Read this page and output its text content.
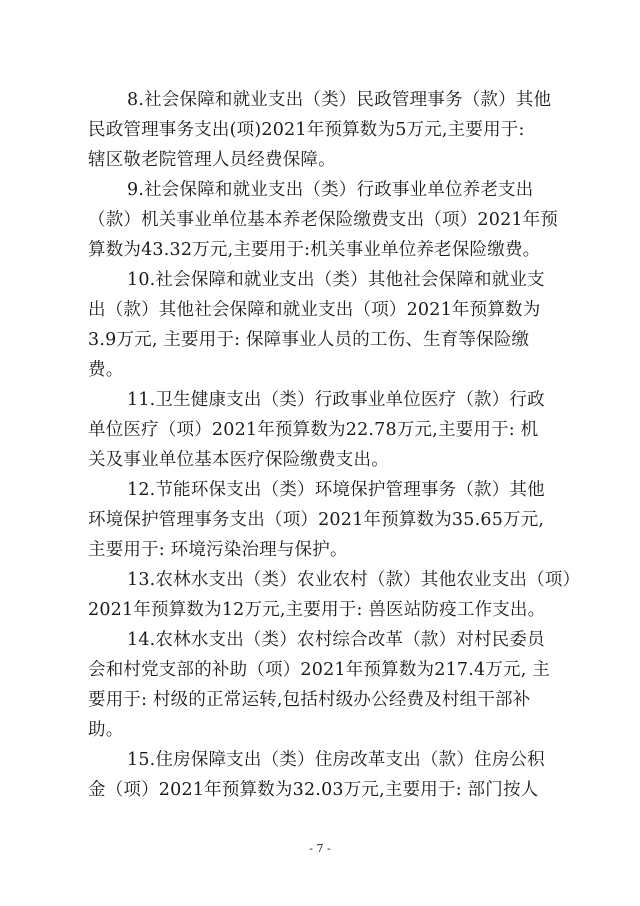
8.社会保障和就业支出（类）民政管理事务（款）其他
民政管理事务支出(项)2021年预算数为5万元,主要用于:
辖区敬老院管理人员经费保障。
9.社会保障和就业支出（类）行政事业单位养老支出
（款）机关事业单位基本养老保险缴费支出（项）2021年预
算数为43.32万元,主要用于:机关事业单位养老保险缴费。
10.社会保障和就业支出（类）其他社会保障和就业支
出（款）其他社会保障和就业支出（项）2021年预算数为
3.9万元, 主要用于: 保障事业人员的工伤、生育等保险缴
费。
11.卫生健康支出（类）行政事业单位医疗（款）行政
单位医疗（项）2021年预算数为22.78万元,主要用于: 机
关及事业单位基本医疗保险缴费支出。
12.节能环保支出（类）环境保护管理事务（款）其他
环境保护管理事务支出（项）2021年预算数为35.65万元,
主要用于: 环境污染治理与保护。
13.农林水支出（类）农业农村（款）其他农业支出（项）
2021年预算数为12万元,主要用于: 兽医站防疫工作支出。
14.农林水支出（类）农村综合改革（款）对村民委员
会和村党支部的补助（项）2021年预算数为217.4万元, 主
要用于: 村级的正常运转,包括村级办公经费及村组干部补
助。
15.住房保障支出（类）住房改革支出（款）住房公积
金（项）2021年预算数为32.03万元,主要用于: 部门按人
- 7 -
